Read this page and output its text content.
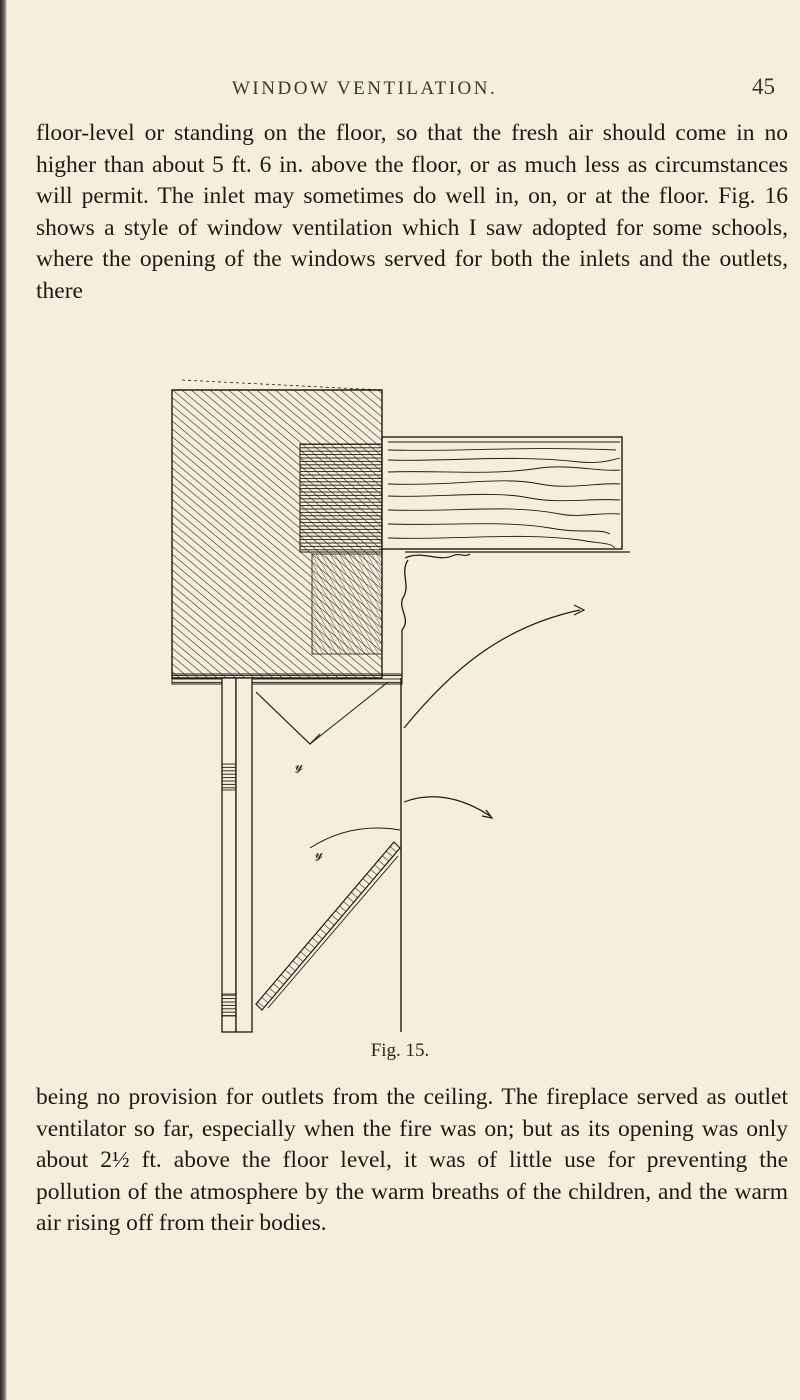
WINDOW VENTILATION.	45

floor-level or standing on the floor, so that the fresh air should come in no higher than about 5 ft. 6 in. above the floor, or as much less as circumstances will permit. The inlet may sometimes do well in, on, or at the floor. Fig. 16 shows a style of window ventilation which I saw adopted for some schools, where the opening of the windows served for both the inlets and the outlets, there

𝓎
𝓎
Fig. 15.

being no provision for outlets from the ceiling. The fireplace served as outlet ventilator so far, especially when the fire was on; but as its opening was only about 2½ ft. above the floor level, it was of little use for preventing the pollution of the atmosphere by the warm breaths of the children, and the warm air rising off from their bodies.
